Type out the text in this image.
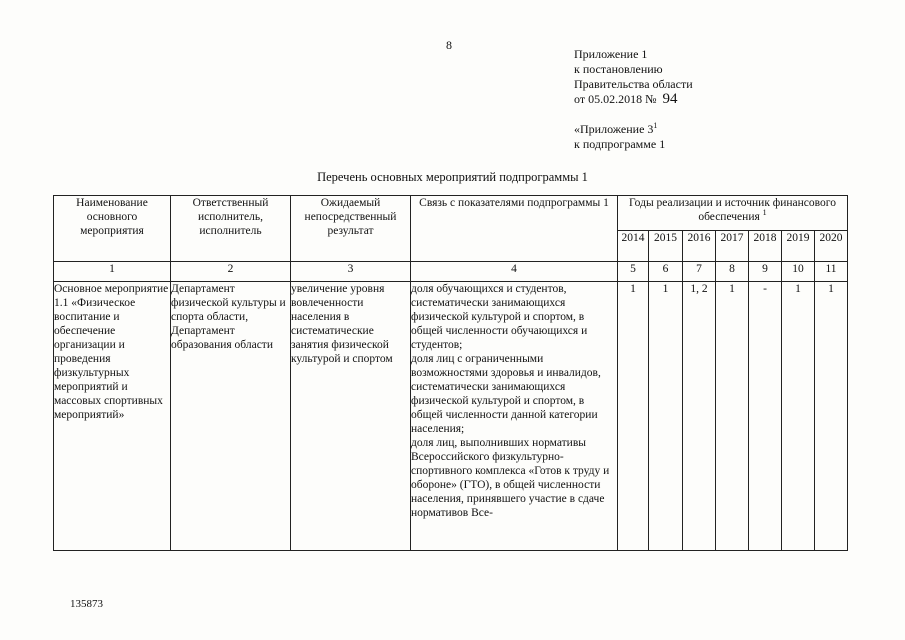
8
Приложение 1
к постановлению
Правительства области
от 05.02.2018 № 94
«Приложение $3^1$
к подпрограмме 1
Перечень основных мероприятий подпрограммы 1
Наименование основного мероприятия	Ответственный исполнитель, исполнитель	Ожидаемый непосредственный результат	Связь с показателями подпрограммы 1	Годы реализации и источник финансового обеспечения $^1$
				2014	2015	2016	2017	2018	2019	2020
1	2	3	4	5	6	7	8	9	10	11
Основное мероприятие 1.1 «Физическое воспитание и обеспечение организации и проведения физкультурных мероприятий и массовых спортивных мероприятий»	Департамент физической культуры и спорта области, Департамент образования области	увеличение уровня вовлеченности населения в систематические занятия физической культурой и спортом	доля обучающихся и студентов, систематически занимающихся физической культурой и спортом, в общей численности обучающихся и студентов;
доля лиц с ограниченными возможностями здоровья и инвалидов, систематически занимающихся физической культурой и спортом, в общей численности данной категории населения;
доля лиц, выполнивших нормативы Всероссийского физкультурно-спортивного комплекса «Готов к труду и обороне» (ГТО), в общей численности населения, принявшего участие в сдаче нормативов Все-	1	1	1, 2	1	-	1	1
135873
